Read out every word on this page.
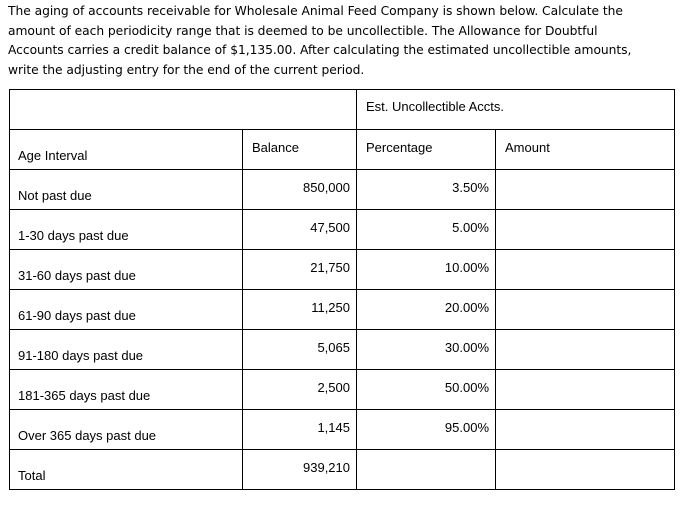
The aging of accounts receivable for Wholesale Animal Feed Company is shown below. Calculate the
amount of each periodicity range that is deemed to be uncollectible. The Allowance for Doubtful
Accounts carries a credit balance of $1,135.00. After calculating the estimated uncollectible amounts,
write the adjusting entry for the end of the current period.

		Est. Uncollectible Accts.	

Age Interval	Balance	Percentage	Amount

Not past due	850,000	3.50%	

1-30 days past due	47,500	5.00%	

31-60 days past due	21,750	10.00%	

61-90 days past due	11,250	20.00%	

91-180 days past due	5,065	30.00%	

181-365 days past due	2,500	50.00%	

Over 365 days past due	1,145	95.00%	

Total	939,210		
